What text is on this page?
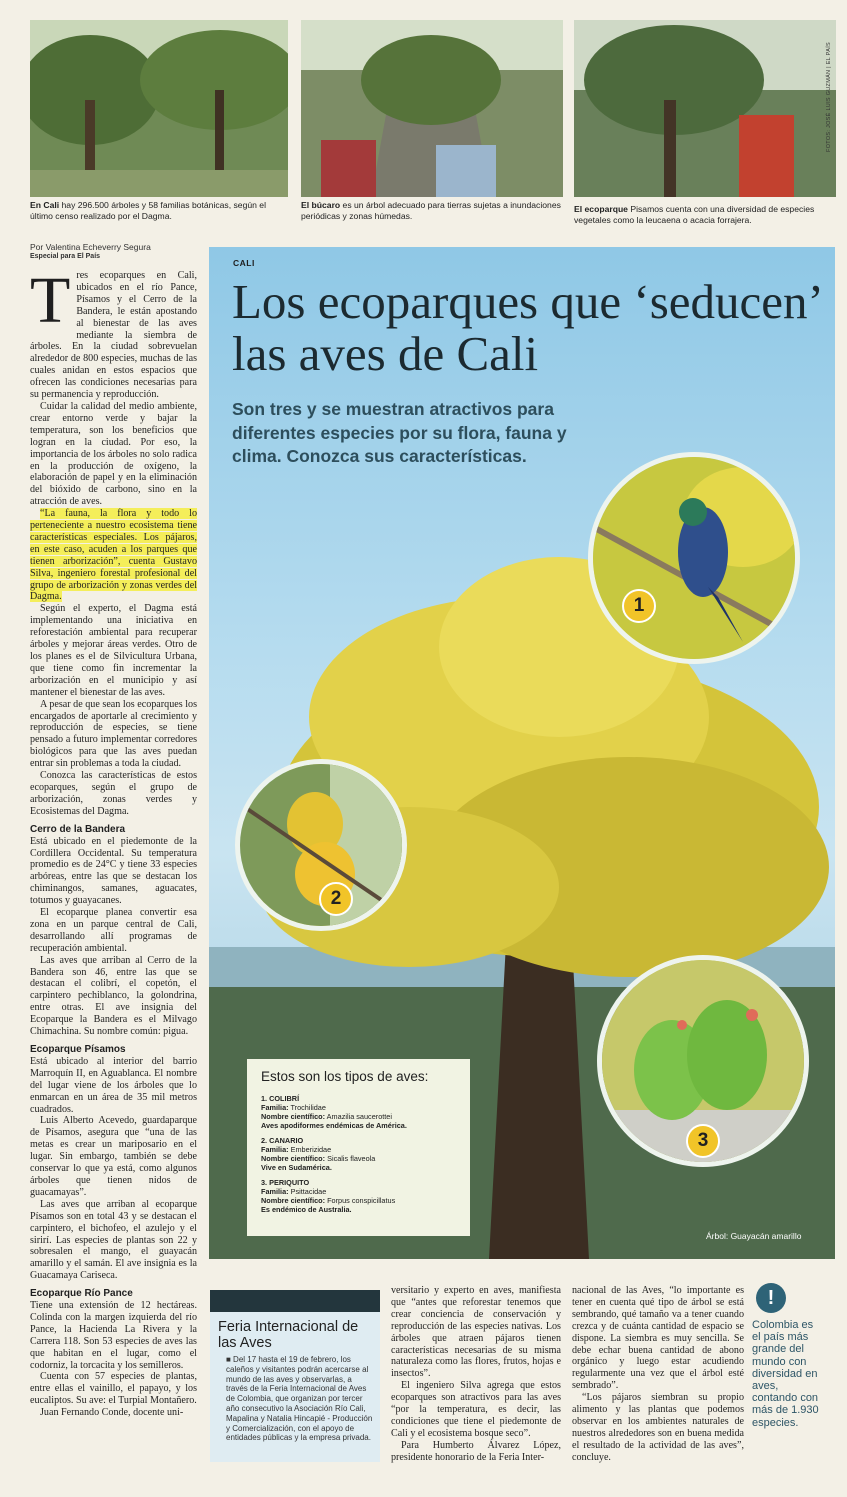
FOTOS: JOSÉ LUIS GUZMÁN | EL PAÍS
En Cali hay 296.500 árboles y 58 familias botánicas, según el último censo realizado por el Dagma.
El búcaro es un árbol adecuado para tierras sujetas a inundaciones periódicas y zonas húmedas.
El ecoparque Pisamos cuenta con una diversidad de especies vegetales como la leucaena o acacia forrajera.
Por Valentina Echeverry Segura
Especial para El País
T res ecoparques en Cali, ubicados en el río Pance, Písamos y el Cerro de la Bandera, le están apostando al bienestar de las aves mediante la siembra de árboles. En la ciudad sobrevuelan alrededor de 800 especies, muchas de las cuales anidan en estos espacios que ofrecen las condiciones necesarias para su permanencia y reproducción.

Cuidar la calidad del medio ambiente, crear entorno verde y bajar la temperatura, son los beneficios que logran en la ciudad. Por eso, la importancia de los árboles no solo radica en la producción de oxígeno, la elaboración de papel y en la eliminación del bióxido de carbono, sino en la atracción de aves.

“La fauna, la flora y todo lo perteneciente a nuestro ecosistema tiene características especiales. Los pájaros, en este caso, acuden a los parques que tienen arborización”, cuenta Gustavo Silva, ingeniero forestal profesional del grupo de arborización y zonas verdes del Dagma.

Según el experto, el Dagma está implementando una iniciativa en reforestación ambiental para recuperar árboles y mejorar áreas verdes. Otro de los planes es el de Silvicultura Urbana, que tiene como fin incrementar la arborización en el municipio y así mantener el bienestar de las aves.

A pesar de que sean los ecoparques los encargados de aportarle al crecimiento y reproducción de especies, se tiene pensado a futuro implementar corredores biológicos para que las aves puedan entrar sin problemas a toda la ciudad.

Conozca las características de estos ecoparques, según el grupo de arborización, zonas verdes y Ecosistemas del Dagma.

Cerro de la Bandera

Está ubicado en el piedemonte de la Cordillera Occidental. Su temperatura promedio es de 24°C y tiene 33 especies arbóreas, entre las que se destacan los chiminangos, samanes, aguacates, totumos y guayacanes.

El ecoparque planea convertir esa zona en un parque central de Cali, desarrollando allí programas de recuperación ambiental.

Las aves que arriban al Cerro de la Bandera son 46, entre las que se destacan el colibrí, el copetón, el carpintero pechiblanco, la golondrina, entre otras. El ave insignia del Ecoparque la Bandera es el Milvago Chimachina. Su nombre común: pigua.

Ecoparque Písamos

Está ubicado al interior del barrio Marroquín II, en Aguablanca. El nombre del lugar viene de los árboles que lo enmarcan en un área de 35 mil metros cuadrados.

Luis Alberto Acevedo, guardaparque de Písamos, asegura que “una de las metas es crear un mariposario en el lugar. Sin embargo, también se debe conservar lo que ya está, como algunos árboles que tienen nidos de guacamayas”.

Las aves que arriban al ecoparque Písamos son en total 43 y se destacan el carpintero, el bichofeo, el azulejo y el sirirí. Las especies de plantas son 22 y sobresalen el mango, el guayacán amarillo y el samán. El ave insignia es la Guacamaya Cariseca.

Ecoparque Río Pance

Tiene una extensión de 12 hectáreas. Colinda con la margen izquierda del río Pance, la Hacienda La Rivera y la Carrera 118. Son 53 especies de aves las que habitan en el lugar, como el codorniz, la torcacita y los semilleros.

Cuenta con 57 especies de plantas, entre ellas el vainillo, el papayo, y los eucaliptos. Su ave: el Turpial Montañero.

Juan Fernando Conde, docente uni-

CALI
Los ecoparques que ‘seducen’ las aves de Cali

Son tres y se muestran atractivos para diferentes especies por su flora, fauna y clima. Conozca sus características.

1
2
3
Estos son los tipos de aves:
1. COLIBRÍ
Familia: Trochilidae
Nombre científico: Amazilia saucerottei
Aves apodiformes endémicas de América.
2. CANARIO
Familia: Emberizidae
Nombre científico: Sicalis flaveola
Vive en Sudamérica.
3. PERIQUITO
Familia: Psittacidae
Nombre científico: Forpus conspicillatus
Es endémico de Australia.
Árbol: Guayacán amarillo
Feria Internacional de las Aves

■ Del 17 hasta el 19 de febrero, los caleños y visitantes podrán acercarse al mundo de las aves y observarlas, a través de la Feria Internacional de Aves de Colombia, que organizan por tercer año consecutivo la Asociación Río Cali, Mapalina y Natalia Hincapié - Producción y Comercialización, con el apoyo de entidades públicas y la empresa privada.

versitario y experto en aves, manifiesta que “antes que reforestar tenemos que crear conciencia de conservación y reproducción de las especies nativas. Los árboles que atraen pájaros tienen características necesarias de su misma naturaleza como las flores, frutos, hojas e insectos”.

El ingeniero Silva agrega que estos ecoparques son atractivos para las aves “por la temperatura, es decir, las condiciones que tiene el piedemonte de Cali y el ecosistema bosque seco”.

Para Humberto Álvarez López, presidente honorario de la Feria Inter-

nacional de las Aves, “lo importante es tener en cuenta qué tipo de árbol se está sembrando, qué tamaño va a tener cuando crezca y de cuánta cantidad de espacio se dispone. La siembra es muy sencilla. Se debe echar buena cantidad de abono orgánico y luego estar acudiendo regularmente una vez que el árbol esté sembrado”.

“Los pájaros siembran su propio alimento y las plantas que podemos observar en los ambientes naturales de nuestros alrededores son en buena medida el resultado de la actividad de las aves”, concluye.

!
Colombia es el país más grande del mundo con diversidad en aves, contando con más de 1.930 especies.
